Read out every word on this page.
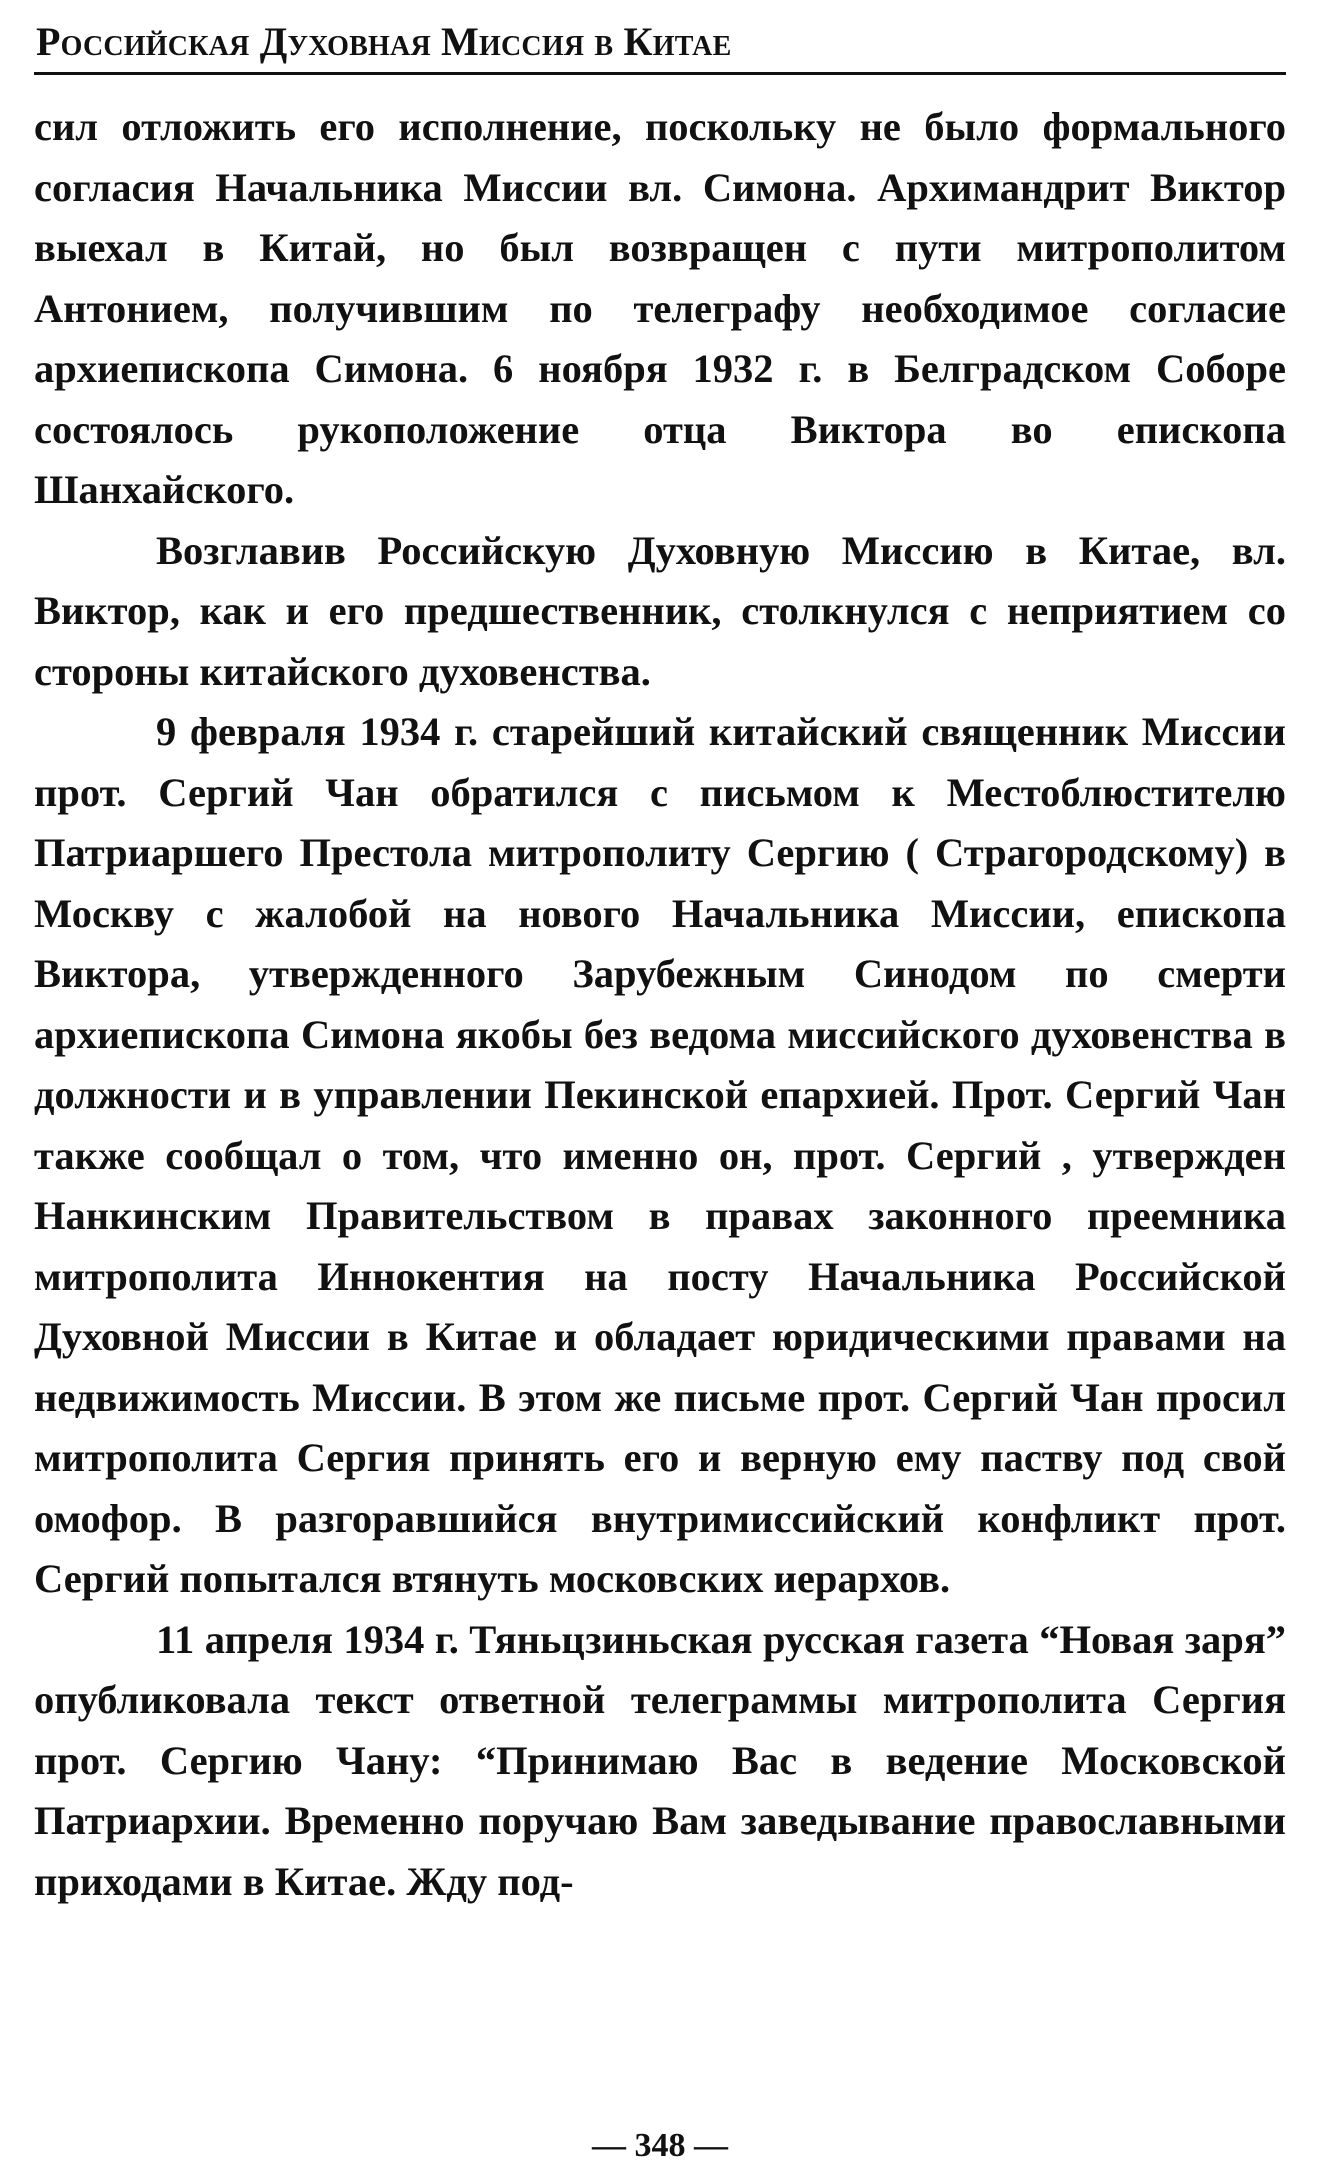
Российская Духовная Миссия в Китае

сил отложить его исполнение, поскольку не было формального согласия Начальника Миссии вл. Симона. Архимандрит Виктор выехал в Китай, но был возвращен с пути митрополитом Антонием, получившим по телеграфу необходимое согласие архиепископа Симона. 6 ноября 1932 г. в Белградском Соборе состоялось рукоположение отца Виктора во епископа Шанхайского.

Возглавив Российскую Духовную Миссию в Китае, вл. Виктор, как и его предшественник, столкнулся с неприятием со стороны китайского духовенства.

9 февраля 1934 г. старейший китайский священник Миссии прот. Сергий Чан обратился с письмом к Местоблюстителю Патриаршего Престола митрополиту Сергию ( Страгородскому) в Москву с жалобой на нового Начальника Миссии, епископа Виктора, утвержденного Зарубежным Синодом по смерти архиепископа Симона якобы без ведома миссийского духовенства в должности и в управлении Пекинской епархией. Прот. Сергий Чан также сообщал о том, что именно он, прот. Сергий , утвержден Нанкинским Правительством в правах законного преемника митрополита Иннокентия на посту Начальника Российской Духовной Миссии в Китае и обладает юридическими правами на недвижимость Миссии. В этом же письме прот. Сергий Чан просил митрополита Сергия принять его и верную ему паству под свой омофор. В разгоравшийся внутримиссийский конфликт прот. Сергий попытался втянуть московских иерархов.

11 апреля 1934 г. Тяньцзиньская русская газета “Новая заря” опубликовала текст ответной телеграммы митрополита Сергия прот. Сергию Чану: “Принимаю Вас в ведение Московской Патриархии. Временно поручаю Вам заведывание православными приходами в Китае. Жду под-

— 348 —
